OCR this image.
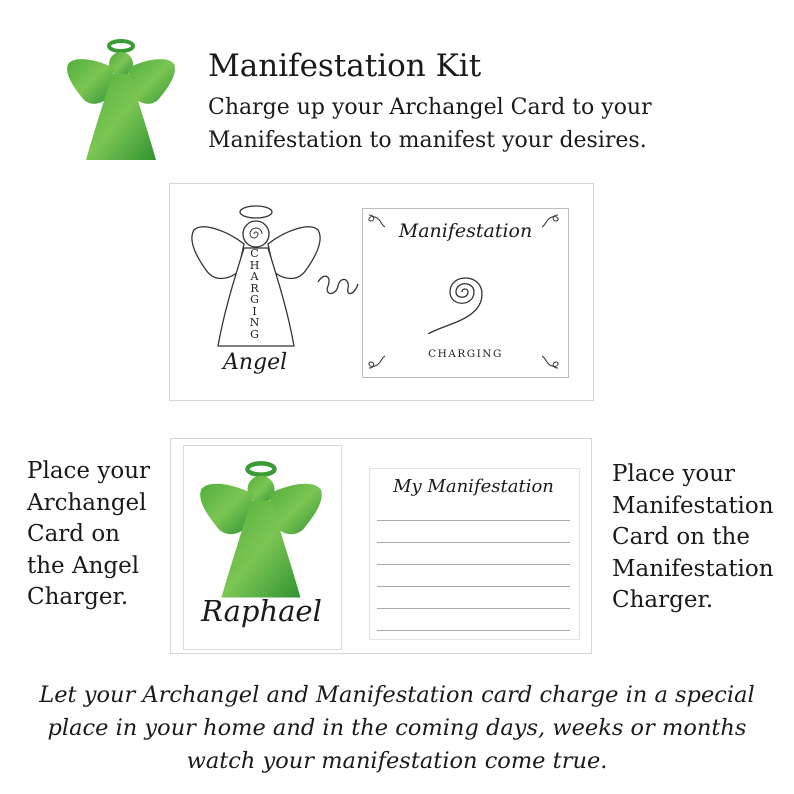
Manifestation Kit
Charge up your Archangel Card to your Manifestation to manifest your desires.
C
H
A
R
G
I
N
G
Angel
Manifestation
CHARGING
Raphael
My Manifestation
Place your Archangel Card on the Angel Charger.
Place your Manifestation Card on the Manifestation Charger.
Let your Archangel and Manifestation card charge in a special place in your home and in the coming days, weeks or months watch your manifestation come true.
